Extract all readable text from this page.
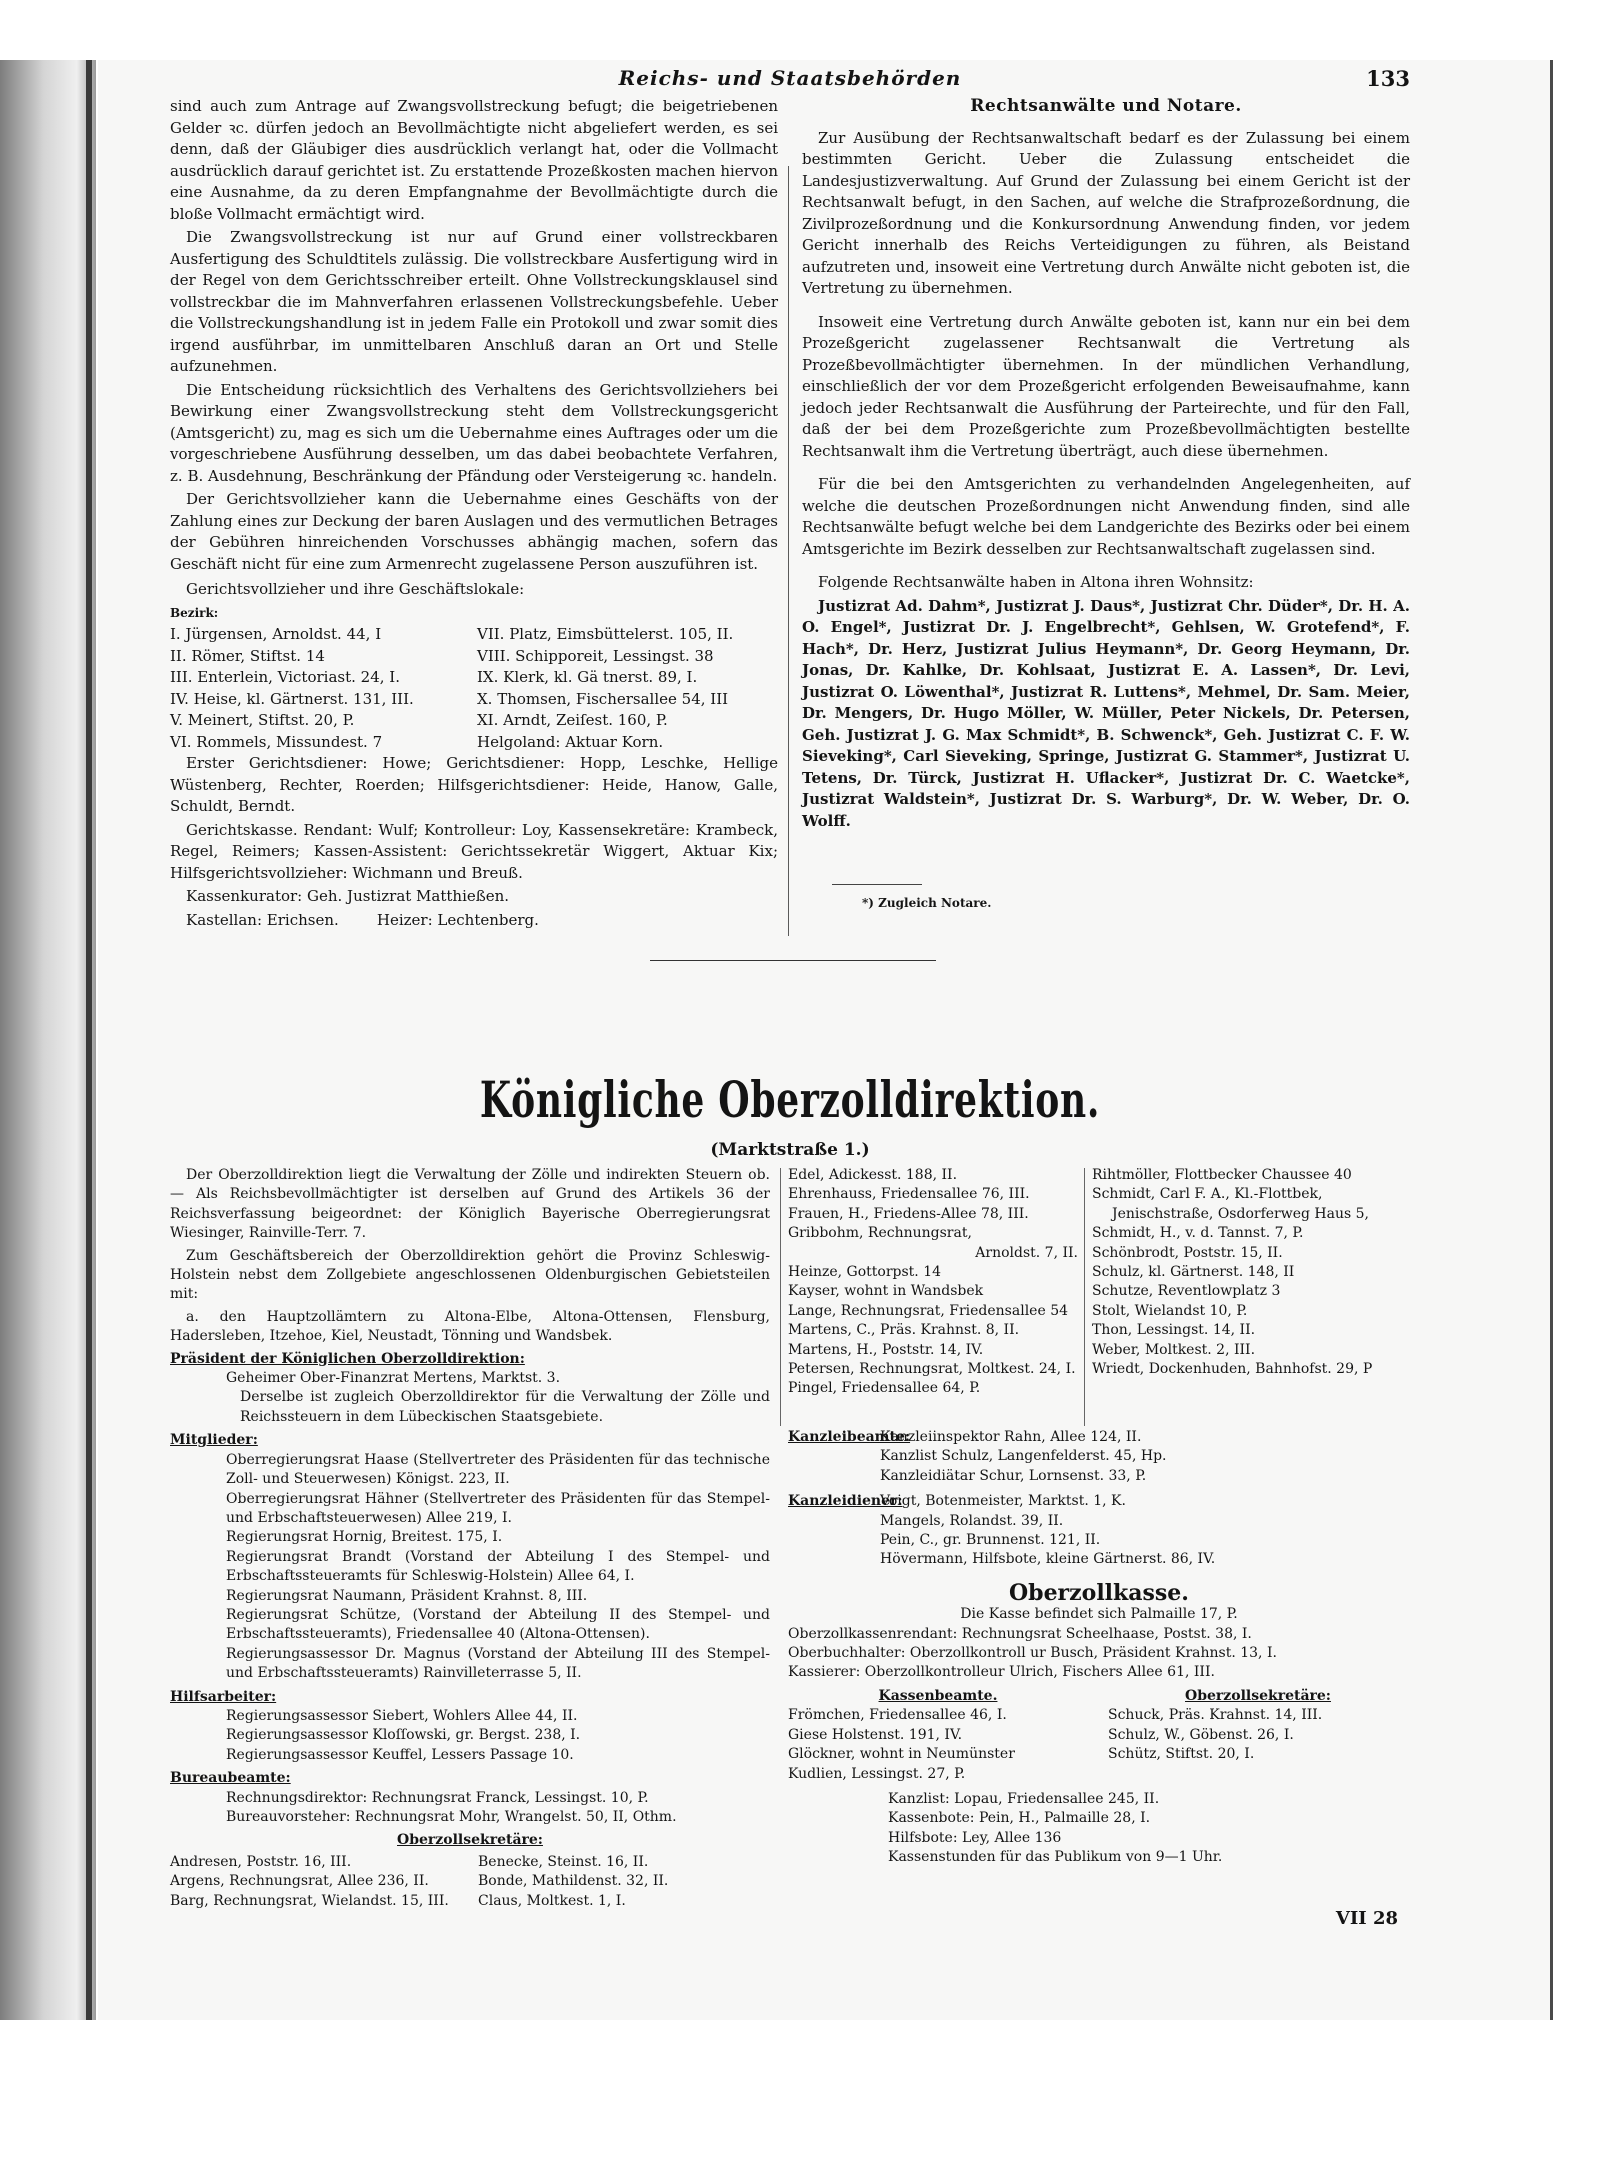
Reichs- und Staatsbehörden	133

sind auch zum Antrage auf Zwangsvollstreckung befugt; die beigetriebenen Gelder ꝛc. dürfen jedoch an Bevollmächtigte nicht abgeliefert werden, es sei denn, daß der Gläubiger dies ausdrücklich verlangt hat, oder die Vollmacht ausdrücklich darauf gerichtet ist. Zu erstattende Prozeßkosten machen hiervon eine Ausnahme, da zu deren Empfangnahme der Bevollmächtigte durch die bloße Vollmacht ermächtigt wird.

Die Zwangsvollstreckung ist nur auf Grund einer vollstreckbaren Ausfertigung des Schuldtitels zulässig. Die vollstreckbare Ausfertigung wird in der Regel von dem Gerichtsschreiber erteilt. Ohne Vollstreckungsklausel sind vollstreckbar die im Mahnverfahren erlassenen Vollstreckungsbefehle. Ueber die Vollstreckungshandlung ist in jedem Falle ein Protokoll und zwar somit dies irgend ausführbar, im unmittelbaren Anschluß daran an Ort und Stelle aufzunehmen.

Die Entscheidung rücksichtlich des Verhaltens des Gerichtsvollziehers bei Bewirkung einer Zwangsvollstreckung steht dem Vollstreckungsgericht (Amtsgericht) zu, mag es sich um die Uebernahme eines Auftrages oder um die vorgeschriebene Ausführung desselben, um das dabei beobachtete Verfahren, z. B. Ausdehnung, Beschränkung der Pfändung oder Versteigerung ꝛc. handeln.

Der Gerichtsvollzieher kann die Uebernahme eines Geschäfts von der Zahlung eines zur Deckung der baren Auslagen und des vermutlichen Betrages der Gebühren hinreichenden Vorschusses abhängig machen, sofern das Geschäft nicht für eine zum Armenrecht zugelassene Person auszuführen ist.

Gerichtsvollzieher und ihre Geschäftslokale:
Bezirk:
I. Jürgensen, Arnoldst. 44, I
II. Römer, Stiftst. 14
III. Enterlein, Victoriast. 24, I.
IV. Heise, kl. Gärtnerst. 131, III.
V. Meinert, Stiftst. 20, P.
VI. Rommels, Missundest. 7
VII. Platz, Eimsbüttelerst. 105, II.
VIII. Schipporeit, Lessingst. 38
IX. Klerk, kl. Gä tnerst. 89, I.
X. Thomsen, Fischersallee 54, III
XI. Arndt, Zeiſest. 160, P.
Helgoland: Aktuar Korn.

Erster Gerichtsdiener: Howe; Gerichtsdiener: Hopp, Leschke, Hellige Wüstenberg, Rechter, Roerden; Hilfsgerichtsdiener: Heide, Hanow, Galle, Schuldt, Berndt.

Gerichtskasse. Rendant: Wulf; Kontrolleur: Loy, Kassensekretäre: Krambeck, Regel, Reimers; Kassen-Assistent: Gerichtssekretär Wiggert, Aktuar Kix; Hilfsgerichtsvollzieher: Wichmann und Breuß.

Kassenkurator: Geh. Justizrat Matthießen.

Kastellan: Erichsen.        Heizer: Lechtenberg.

Rechtsanwälte und Notare.

Zur Ausübung der Rechtsanwaltschaft bedarf es der Zulassung bei einem bestimmten Gericht. Ueber die Zulassung entscheidet die Landesjustizverwaltung. Auf Grund der Zulassung bei einem Gericht ist der Rechtsanwalt befugt, in den Sachen, auf welche die Strafprozeßordnung, die Zivilprozeßordnung und die Konkursordnung Anwendung finden, vor jedem Gericht innerhalb des Reichs Verteidigungen zu führen, als Beistand aufzutreten und, insoweit eine Vertretung durch Anwälte nicht geboten ist, die Vertretung zu übernehmen.

Insoweit eine Vertretung durch Anwälte geboten ist, kann nur ein bei dem Prozeßgericht zugelassener Rechtsanwalt die Vertretung als Prozeßbevollmächtigter übernehmen. In der mündlichen Verhandlung, einschließlich der vor dem Prozeßgericht erfolgenden Beweisaufnahme, kann jedoch jeder Rechtsanwalt die Ausführung der Parteirechte, und für den Fall, daß der bei dem Prozeßgerichte zum Prozeßbevollmächtigten bestellte Rechtsanwalt ihm die Vertretung überträgt, auch diese übernehmen.

Für die bei den Amtsgerichten zu verhandelnden Angelegenheiten, auf welche die deutschen Prozeßordnungen nicht Anwendung finden, sind alle Rechtsanwälte befugt welche bei dem Landgerichte des Bezirks oder bei einem Amtsgerichte im Bezirk desselben zur Rechtsanwaltschaft zugelassen sind.

Folgende Rechtsanwälte haben in Altona ihren Wohnsitz:

Justizrat Ad. Dahm*, Justizrat J. Daus*, Justizrat Chr. Düder*, Dr. H. A. O. Engel*, Justizrat Dr. J. Engelbrecht*, Gehlsen, W. Grotefend*, F. Hach*, Dr. Herz, Justizrat Julius Heymann*, Dr. Georg Heymann, Dr. Jonas, Dr. Kahlke, Dr. Kohlsaat, Justizrat E. A. Lassen*, Dr. Levi, Justizrat O. Löwenthal*, Justizrat R. Luttens*, Mehmel, Dr. Sam. Meier, Dr. Mengers, Dr. Hugo Möller, W. Müller, Peter Nickels, Dr. Petersen, Geh. Justizrat J. G. Max Schmidt*, B. Schwenck*, Geh. Justizrat C. F. W. Sieveking*, Carl Sieveking, Springe, Justizrat G. Stammer*, Justizrat U. Tetens, Dr. Türck, Justizrat H. Uflacker*, Justizrat Dr. C. Waetcke*, Justizrat Waldstein*, Justizrat Dr. S. Warburg*, Dr. W. Weber, Dr. O. Wolff.

*) Zugleich Notare.
Königliche Oberzolldirektion.
(Marktstraße 1.)

Der Oberzolldirektion liegt die Verwaltung der Zölle und indirekten Steuern ob. — Als Reichsbevollmächtigter ist derselben auf Grund des Artikels 36 der Reichsverfassung beigeordnet: der Königlich Bayerische Oberregierungsrat Wiesinger, Rainville-Terr. 7.

Zum Geschäftsbereich der Oberzolldirektion gehört die Provinz Schleswig-Holstein nebst dem Zollgebiete angeschlossenen Oldenburgischen Gebietsteilen mit:

a. den Hauptzollämtern zu Altona-Elbe, Altona-Ottensen, Flensburg, Hadersleben, Itzehoe, Kiel, Neustadt, Tönning und Wandsbek.

Präsident der Königlichen Oberzolldirektion:
Geheimer Ober-Finanzrat Mertens, Marktst. 3.
Derselbe ist zugleich Oberzolldirektor für die Verwaltung der Zölle und Reichssteuern in dem Lübeckischen Staatsgebiete.
Mitglieder:
Oberregierungsrat Haase (Stellvertreter des Präsidenten für das technische Zoll- und Steuerwesen) Königst. 223, II.
Oberregierungsrat Hähner (Stellvertreter des Präsidenten für das Stempel- und Erbschaftsteuerwesen) Allee 219, I.
Regierungsrat Hornig, Breitest. 175, I.
Regierungsrat Brandt (Vorstand der Abteilung I des Stempel- und Erbschaftssteueramts für Schleswig-Holstein) Allee 64, I.
Regierungsrat Naumann, Präsident Krahnst. 8, III.
Regierungsrat Schütze, (Vorstand der Abteilung II des Stempel- und Erbschaftssteueramts), Friedensallee 40 (Altona-Ottensen).
Regierungsassessor Dr. Magnus (Vorstand der Abteilung III des Stempel- und Erbschaftssteueramts) Rainvilleterrasse 5, II.
Hilfsarbeiter:
Regierungsassessor Siebert, Wohlers Allee 44, II.
Regierungsassessor Kloſſowski, gr. Bergst. 238, I.
Regierungsassessor Keuffel, Lessers Passage 10.
Bureaubeamte:
Rechnungsdirektor: Rechnungsrat Franck, Lessingst. 10, P.
Bureauvorsteher: Rechnungsrat Mohr, Wrangelst. 50, II, Othm.
Oberzollsekretäre:
Andresen, Poststr. 16, III.
Argens, Rechnungsrat, Allee 236, II.
Barg, Rechnungsrat, Wielandst. 15, III.
Benecke, Steinst. 16, II.
Bonde, Mathildenst. 32, II.
Claus, Moltkest. 1, I.
Edel, Adickesst. 188, II.
Ehrenhauss, Friedensallee 76, III.
Frauen, H., Friedens-Allee 78, III.
Gribbohm, Rechnungsrat,
Arnoldst. 7, II.
Heinze, Gottorpst. 14
Kayser, wohnt in Wandsbek
Lange, Rechnungsrat, Friedensallee 54
Martens, C., Präs. Krahnst. 8, II.
Martens, H., Poststr. 14, IV.
Petersen, Rechnungsrat, Moltkest. 24, I.
Pingel, Friedensallee 64, P.
Rihtmöller, Flottbecker Chaussee 40
Schmidt, Carl F. A., Kl.-Flottbek,
Jenischstraße, Osdorferweg Haus 5,
Schmidt, H., v. d. Tannst. 7, P.
Schönbrodt, Poststr. 15, II.
Schulz, kl. Gärtnerst. 148, II
Schutze, Reventlowplatz 3
Stolt, Wielandst 10, P.
Thon, Lessingst. 14, II.
Weber, Moltkest. 2, III.
Wriedt, Dockenhuden, Bahnhofst. 29, P
Kanzleibeamte:
Kanzleiinspektor Rahn, Allee 124, II.
Kanzlist Schulz, Langenfelderst. 45, Hp.
Kanzleidiätar Schur, Lornsenst. 33, P.
Kanzleidiener:
Voigt, Botenmeister, Marktst. 1, K.
Mangels, Rolandst. 39, II.
Pein, C., gr. Brunnenst. 121, II.
Hövermann, Hilfsbote, kleine Gärtnerst. 86, IV.
Oberzollkasse.
Die Kasse befindet sich Palmaille 17, P.
Oberzollkassenrendant: Rechnungsrat Scheelhaase, Postst. 38, I.
Oberbuchhalter: Oberzollkontroll ur Busch, Präsident Krahnst. 13, I.
Kassierer: Oberzollkontrolleur Ulrich, Fischers Allee 61, III.
Kassenbeamte.
Frömchen, Friedensallee 46, I.
Giese Holstenst. 191, IV.
Glöckner, wohnt in Neumünster
Kudlien, Lessingst. 27, P.
Oberzollsekretäre:
Schuck, Präs. Krahnst. 14, III.
Schulz, W., Göbenst. 26, I.
Schütz, Stiftst. 20, I.
Kanzlist: Lopau, Friedensallee 245, II.
Kassenbote: Pein, H., Palmaille 28, I.
Hilfsbote: Ley, Allee 136
Kassenstunden für das Publikum von 9—1 Uhr.
VII 28
